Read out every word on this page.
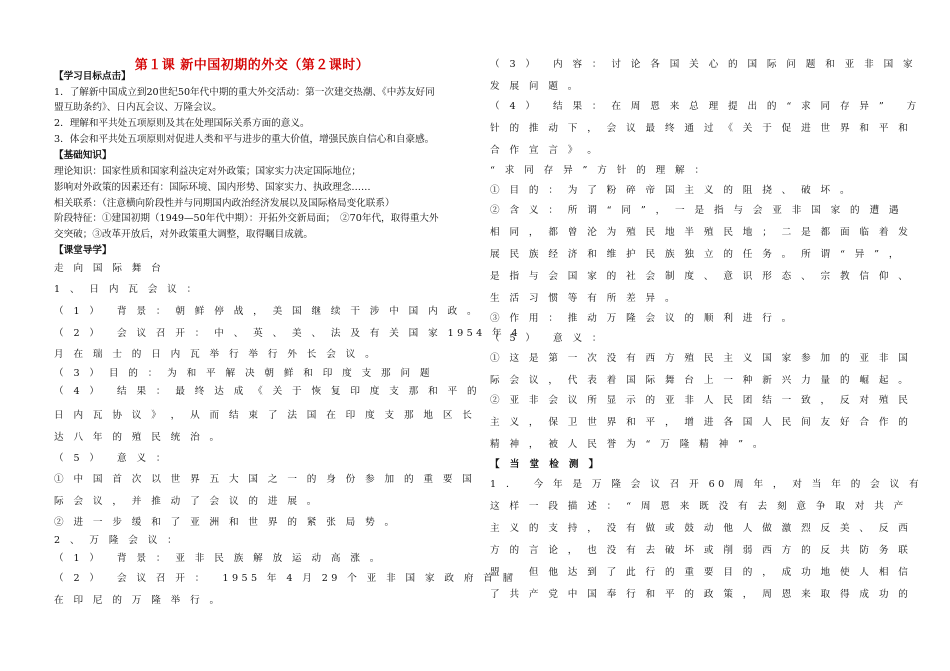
第１课 新中国初期的外交（第２课时）
【学习目标点击】
1．了解新中国成立到20世纪50年代中期的重大外交活动：第一次建交热潮、《中苏友好同
盟互助条约》、日内瓦会议、万隆会议。
2．理解和平共处五项原则及其在处理国际关系方面的意义。
3．体会和平共处五项原则对促进人类和平与进步的重大价值，增强民族自信心和自豪感。
【基础知识】
理论知识：国家性质和国家利益决定对外政策；国家实力决定国际地位；
影响对外政策的因素还有：国际环境、国内形势、国家实力、执政理念……
相关联系：（注意横向阶段性并与同期国内政治经济发展以及国际格局变化联系）
阶段特征：①建国初期（1949—50年代中期）：开拓外交新局面；　②70年代，取得重大外
交突破；③改革开放后，对外政策重大调整，取得瞩目成就。
【课堂导学】
走 向 国 际 舞 台
1 、 日 内 瓦 会 议 ：
（ 1 ）　 背 景 ： 朝 鲜 停 战 ， 美 国 继 续 干 涉 中 国 内 政 。
（ 2 ）　 会 议 召 开 ： 中 、 英 、 美 、 法 及 有 关 国 家 1954 年 4
月 在 瑞 士 的 日 内 瓦 举 行 举 行 外 长 会 议 。
（ 3 ） 目 的 ： 为 和 平 解 决 朝 鲜 和 印 度 支 那 问 题
（ 4 ）　 结 果 ： 最 终 达 成 《 关 于 恢 复 印 度 支 那 和 平 的
日 内 瓦 协 议 》 ， 从 而 结 束 了 法 国 在 印 度 支 那 地 区 长
达 八 年 的 殖 民 统 治 。
（ 5 ）　 意 义 ：
① 中 国 首 次 以 世 界 五 大 国 之 一 的 身 份 参 加 的 重 要 国
际 会 议 ， 并 推 动 了 会 议 的 进 展 。
② 进 一 步 缓 和 了 亚 洲 和 世 界 的 紧 张 局 势 。
2 、 万 隆 会 议 ：
（ 1 ）　 背 景 ： 亚 非 民 族 解 放 运 动 高 涨 。
（ 2 ）　 会 议 召 开 ：　 1955 年 4 月 29 个 亚 非 国 家 政 府 首 脑
在 印 尼 的 万 隆 举 行 。
（ 3 ）　 内 容 ： 讨 论 各 国 关 心 的 国 际 问 题 和 亚 非 国 家
发 展 问 题 。
（ 4 ）　 结 果 ： 在 周 恩 来 总 理 提 出 的 “ 求 同 存 异 ”　 方
针 的 推 动 下 ， 会 议 最 终 通 过 《 关 于 促 进 世 界 和 平 和
合 作 宣 言 》 。
“ 求 同 存 异 ” 方 针 的 理 解 ：
① 目 的 ： 为 了 粉 碎 帝 国 主 义 的 阻 挠 、 破 坏 。
② 含 义 ： 所 谓 “ 同 ” ， 一 是 指 与 会 亚 非 国 家 的 遭 遇
相 同 ， 都 曾 沦 为 殖 民 地 半 殖 民 地 ； 二 是 都 面 临 着 发
展 民 族 经 济 和 维 护 民 族 独 立 的 任 务 。 所 谓 “ 异 ” ，
是 指 与 会 国 家 的 社 会 制 度 、 意 识 形 态 、 宗 教 信 仰 、
生 活 习 惯 等 有 所 差 异 。
③ 作 用 ： 推 动 万 隆 会 议 的 顺 利 进 行 。
（ 5 ）　 意 义 ：
① 这 是 第 一 次 没 有 西 方 殖 民 主 义 国 家 参 加 的 亚 非 国
际 会 议 ， 代 表 着 国 际 舞 台 上 一 种 新 兴 力 量 的 崛 起 。
② 亚 非 会 议 所 显 示 的 亚 非 人 民 团 结 一 致 ， 反 对 殖 民
主 义 ， 保 卫 世 界 和 平 ， 增 进 各 国 人 民 间 友 好 合 作 的
精 神 ， 被 人 民 誉 为 “ 万 隆 精 神 ” 。
【 当 堂 检 测 】
1 ．　 今 年 是 万 隆 会 议 召 开 60 周 年 ， 对 当 年 的 会 议 有
这 样 一 段 描 述 ： “ 周 恩 来 既 没 有 去 刻 意 争 取 对 共 产
主 义 的 支 持 ， 没 有 做 或 鼓 动 他 人 做 激 烈 反 美 、 反 西
方 的 言 论 ， 也 没 有 去 破 坏 或 削 弱 西 方 的 反 共 防 务 联
盟 。 但 他 达 到 了 此 行 的 重 要 目 的 ， 成 功 地 使 人 相 信
了 共 产 党 中 国 奉 行 和 平 的 政 策 ， 周 恩 来 取 得 成 功 的
